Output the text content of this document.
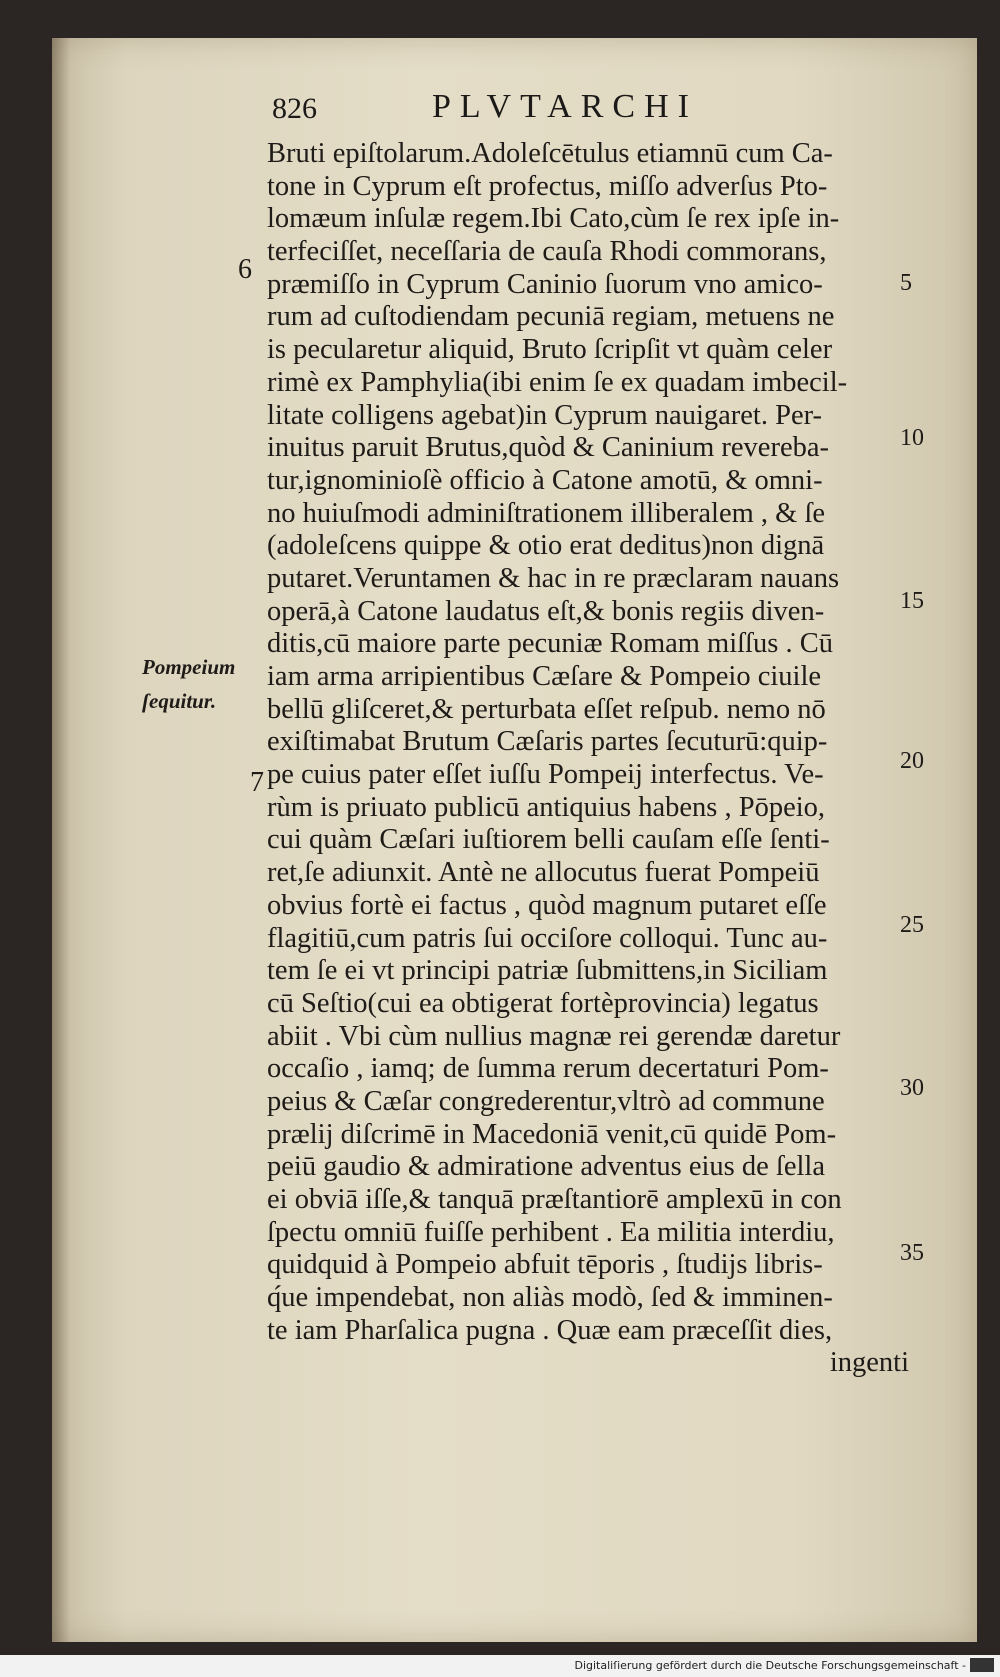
826	PLVTARCHI
6
7
Pompeium
ſequitur.
5
10
15
20
25
30
35
Bruti epiſtolarum.Adoleſcētulus etiamnū cum Ca-
tone in Cyprum eſt profectus, miſſo adverſus Pto-
lomæum inſulæ regem.Ibi Cato,cùm ſe rex ipſe in-
terfeciſſet, neceſſaria de cauſa Rhodi commorans,
præmiſſo in Cyprum Caninio ſuorum vno amico-
rum ad cuſtodiendam pecuniā regiam, metuens ne
is pecularetur aliquid, Bruto ſcripſit vt quàm celer
rimè ex Pamphylia(ibi enim ſe ex quadam imbecil-
litate colligens agebat)in Cyprum nauigaret. Per-
inuitus paruit Brutus,quòd & Caninium revereba-
tur,ignominioſè officio à Catone amotū, & omni-
no huiuſmodi adminiſtrationem illiberalem , & ſe
(adoleſcens quippe & otio erat deditus)non dignā
putaret.Veruntamen & hac in re præclaram nauans
operā,à Catone laudatus eſt,& bonis regiis diven-
ditis,cū maiore parte pecuniæ Romam miſſus . Cū
iam arma arripientibus Cæſare & Pompeio ciuile
bellū gliſceret,& perturbata eſſet reſpub. nemo nō
exiſtimabat Brutum Cæſaris partes ſecuturū:quip-
pe cuius pater eſſet iuſſu Pompeij interfectus. Ve-
rùm is priuato publicū antiquius habens , Pōpeio,
cui quàm Cæſari iuſtiorem belli cauſam eſſe ſenti-
ret,ſe adiunxit. Antè ne allocutus fuerat Pompeiū
obvius fortè ei factus , quòd magnum putaret eſſe
flagitiū,cum patris ſui occiſore colloqui. Tunc au-
tem ſe ei vt principi patriæ ſubmittens,in Siciliam
cū Seſtio(cui ea obtigerat fortèprovincia) legatus
abiit . Vbi cùm nullius magnæ rei gerendæ daretur
occaſio , iamq; de ſumma rerum decertaturi Pom-
peius & Cæſar congrederentur,vltrò ad commune
prælij diſcrimē in Macedoniā venit,cū quidē Pom-
peiū gaudio & admiratione adventus eius de ſella
ei obviā iſſe,& tanquā præſtantiorē amplexū in con
ſpectu omniū fuiſſe perhibent . Ea militia interdiu,
quidquid à Pompeio abfuit tēporis , ſtudijs libris-
q́ue impendebat, non aliàs modò, ſed & imminen-
te iam Pharſalica pugna . Quæ eam præceſſit dies,
ingenti
Digitaliſierung gefördert durch die Deutsche Forschungsgemeinschaft -
